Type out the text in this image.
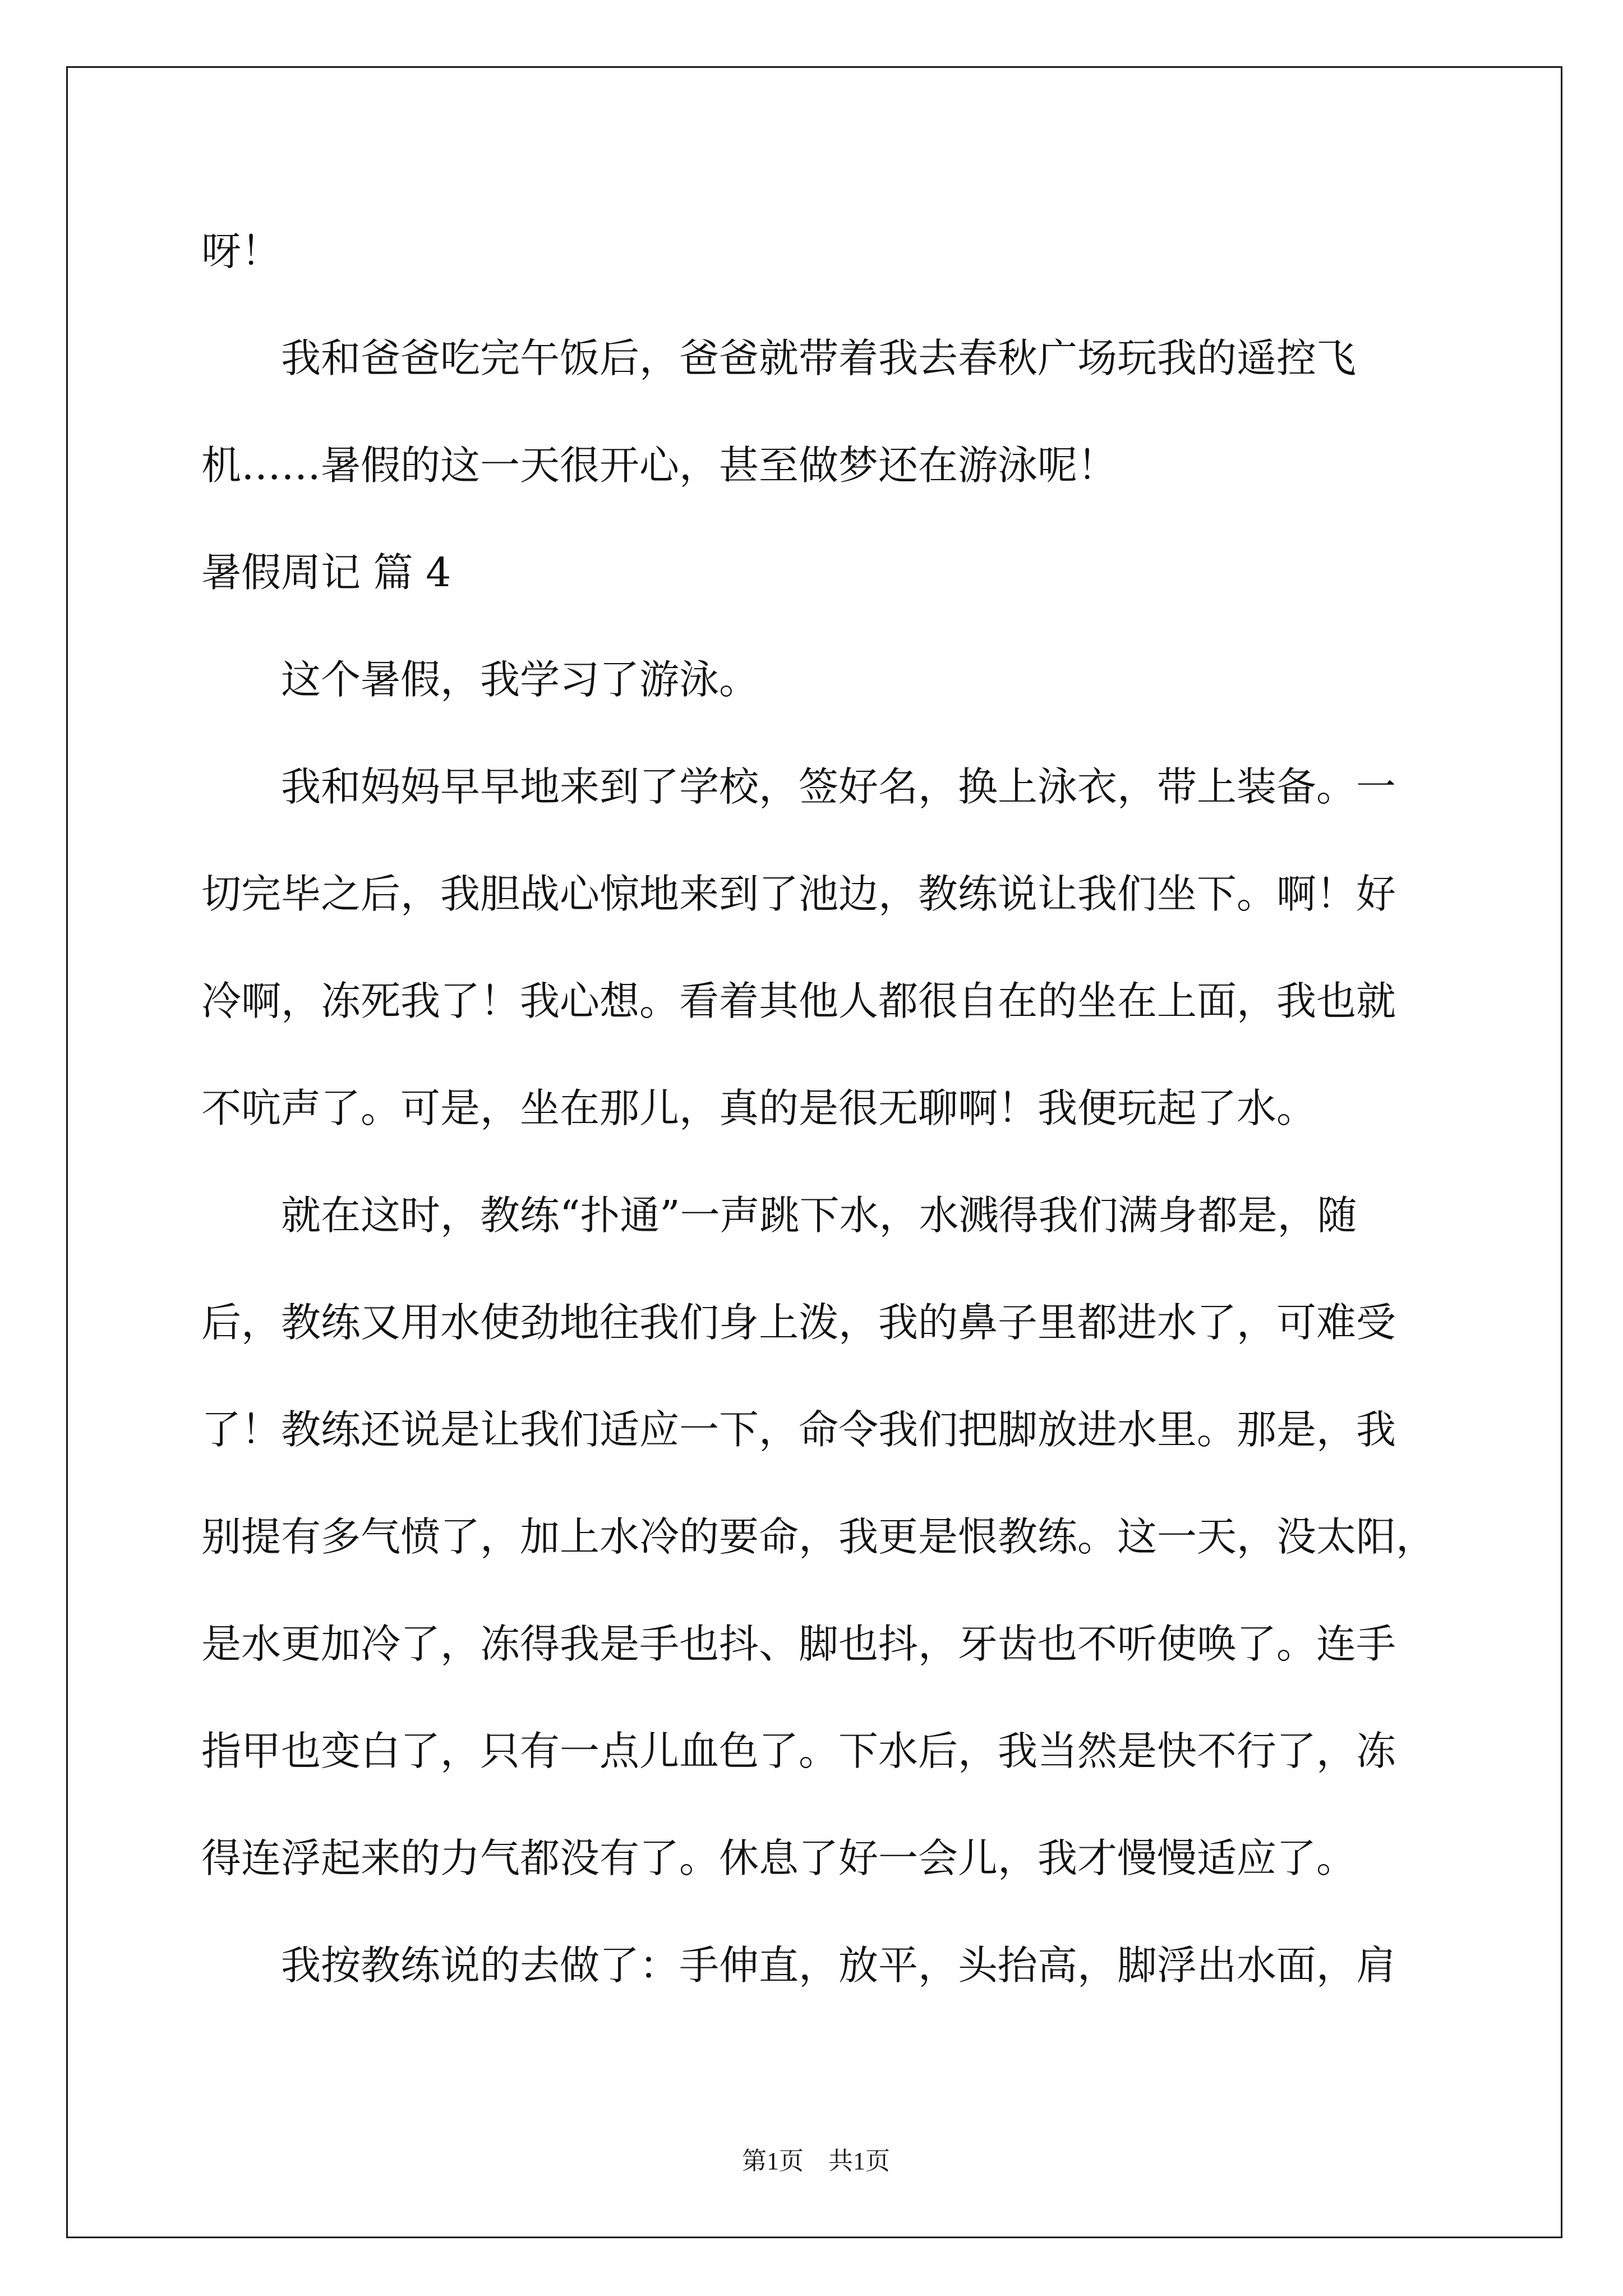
呀！
我和爸爸吃完午饭后，爸爸就带着我去春秋广场玩我的遥控飞
机……暑假的这一天很开心，甚至做梦还在游泳呢！
暑假周记 篇 4
这个暑假，我学习了游泳。
我和妈妈早早地来到了学校，签好名，换上泳衣，带上装备。一
切完毕之后，我胆战心惊地来到了池边，教练说让我们坐下。啊！好
冷啊，冻死我了！我心想。看着其他人都很自在的坐在上面，我也就
不吭声了。可是，坐在那儿，真的是很无聊啊！我便玩起了水。
就在这时，教练“扑通”一声跳下水，水溅得我们满身都是，随
后，教练又用水使劲地往我们身上泼，我的鼻子里都进水了，可难受
了！教练还说是让我们适应一下，命令我们把脚放进水里。那是，我
别提有多气愤了，加上水冷的要命，我更是恨教练。这一天，没太阳，
是水更加冷了，冻得我是手也抖、脚也抖，牙齿也不听使唤了。连手
指甲也变白了，只有一点儿血色了。下水后，我当然是快不行了，冻
得连浮起来的力气都没有了。休息了好一会儿，我才慢慢适应了。
我按教练说的去做了：手伸直，放平，头抬高，脚浮出水面，肩
第1页 共1页
